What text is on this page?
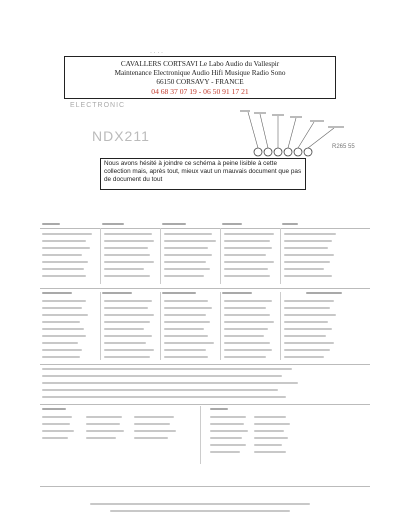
· · · ·
CAVALLERS CORTSAVI Le Labo Audio du Vallespir
Maintenance Electronique Audio Hifi Musique Radio Sono
66150 CORSAVY - FRANCE
04 68 37 07 19 - 06 50 91 17 21
ELECTRONIC
NDX211
R265 55
Nous avons hésité à joindre ce schéma à peine lisible à cette collection mais, après tout, mieux vaut un mauvais document que pas de document du tout
